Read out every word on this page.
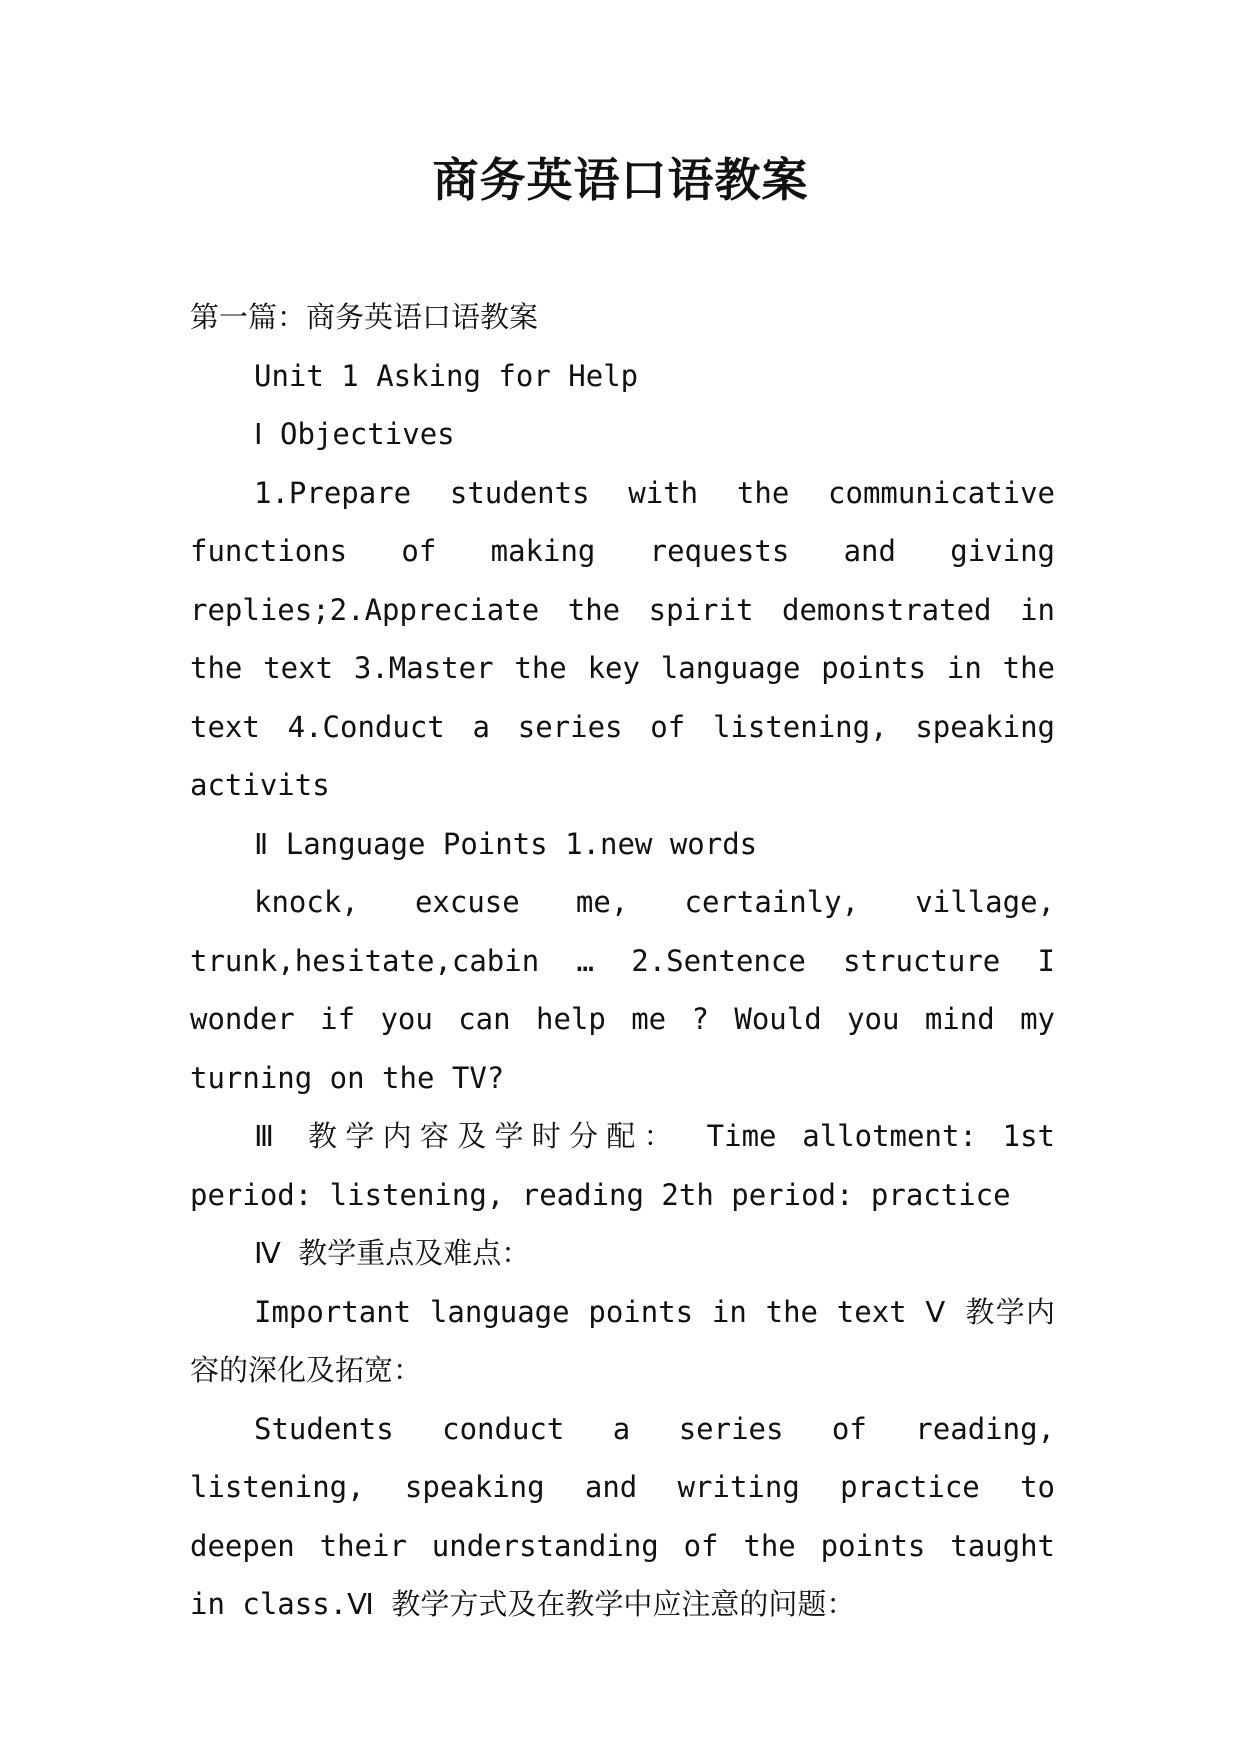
商务英语口语教案

第一篇：商务英语口语教案

Unit 1 Asking for Help

Ⅰ Objectives

1.Prepare students with the communicative functions of making requests and giving replies;2.Appreciate the spirit demonstrated in the text 3.Master the key language points in the text 4.Conduct a series of listening, speaking activits

Ⅱ Language Points 1.new words

knock, excuse me, certainly, village, trunk,hesitate,cabin … 2.Sentence structure I wonder if you can help me ? Would you mind my turning on the TV?

Ⅲ 教学内容及学时分配： Time allotment: 1st period: listening, reading 2th period: practice

Ⅳ 教学重点及难点：

Important language points in the text Ⅴ 教学内容的深化及拓宽：

Students conduct a series of reading, listening, speaking and writing practice to deepen their understanding of the points taught in class.Ⅵ 教学方式及在教学中应注意的问题：
